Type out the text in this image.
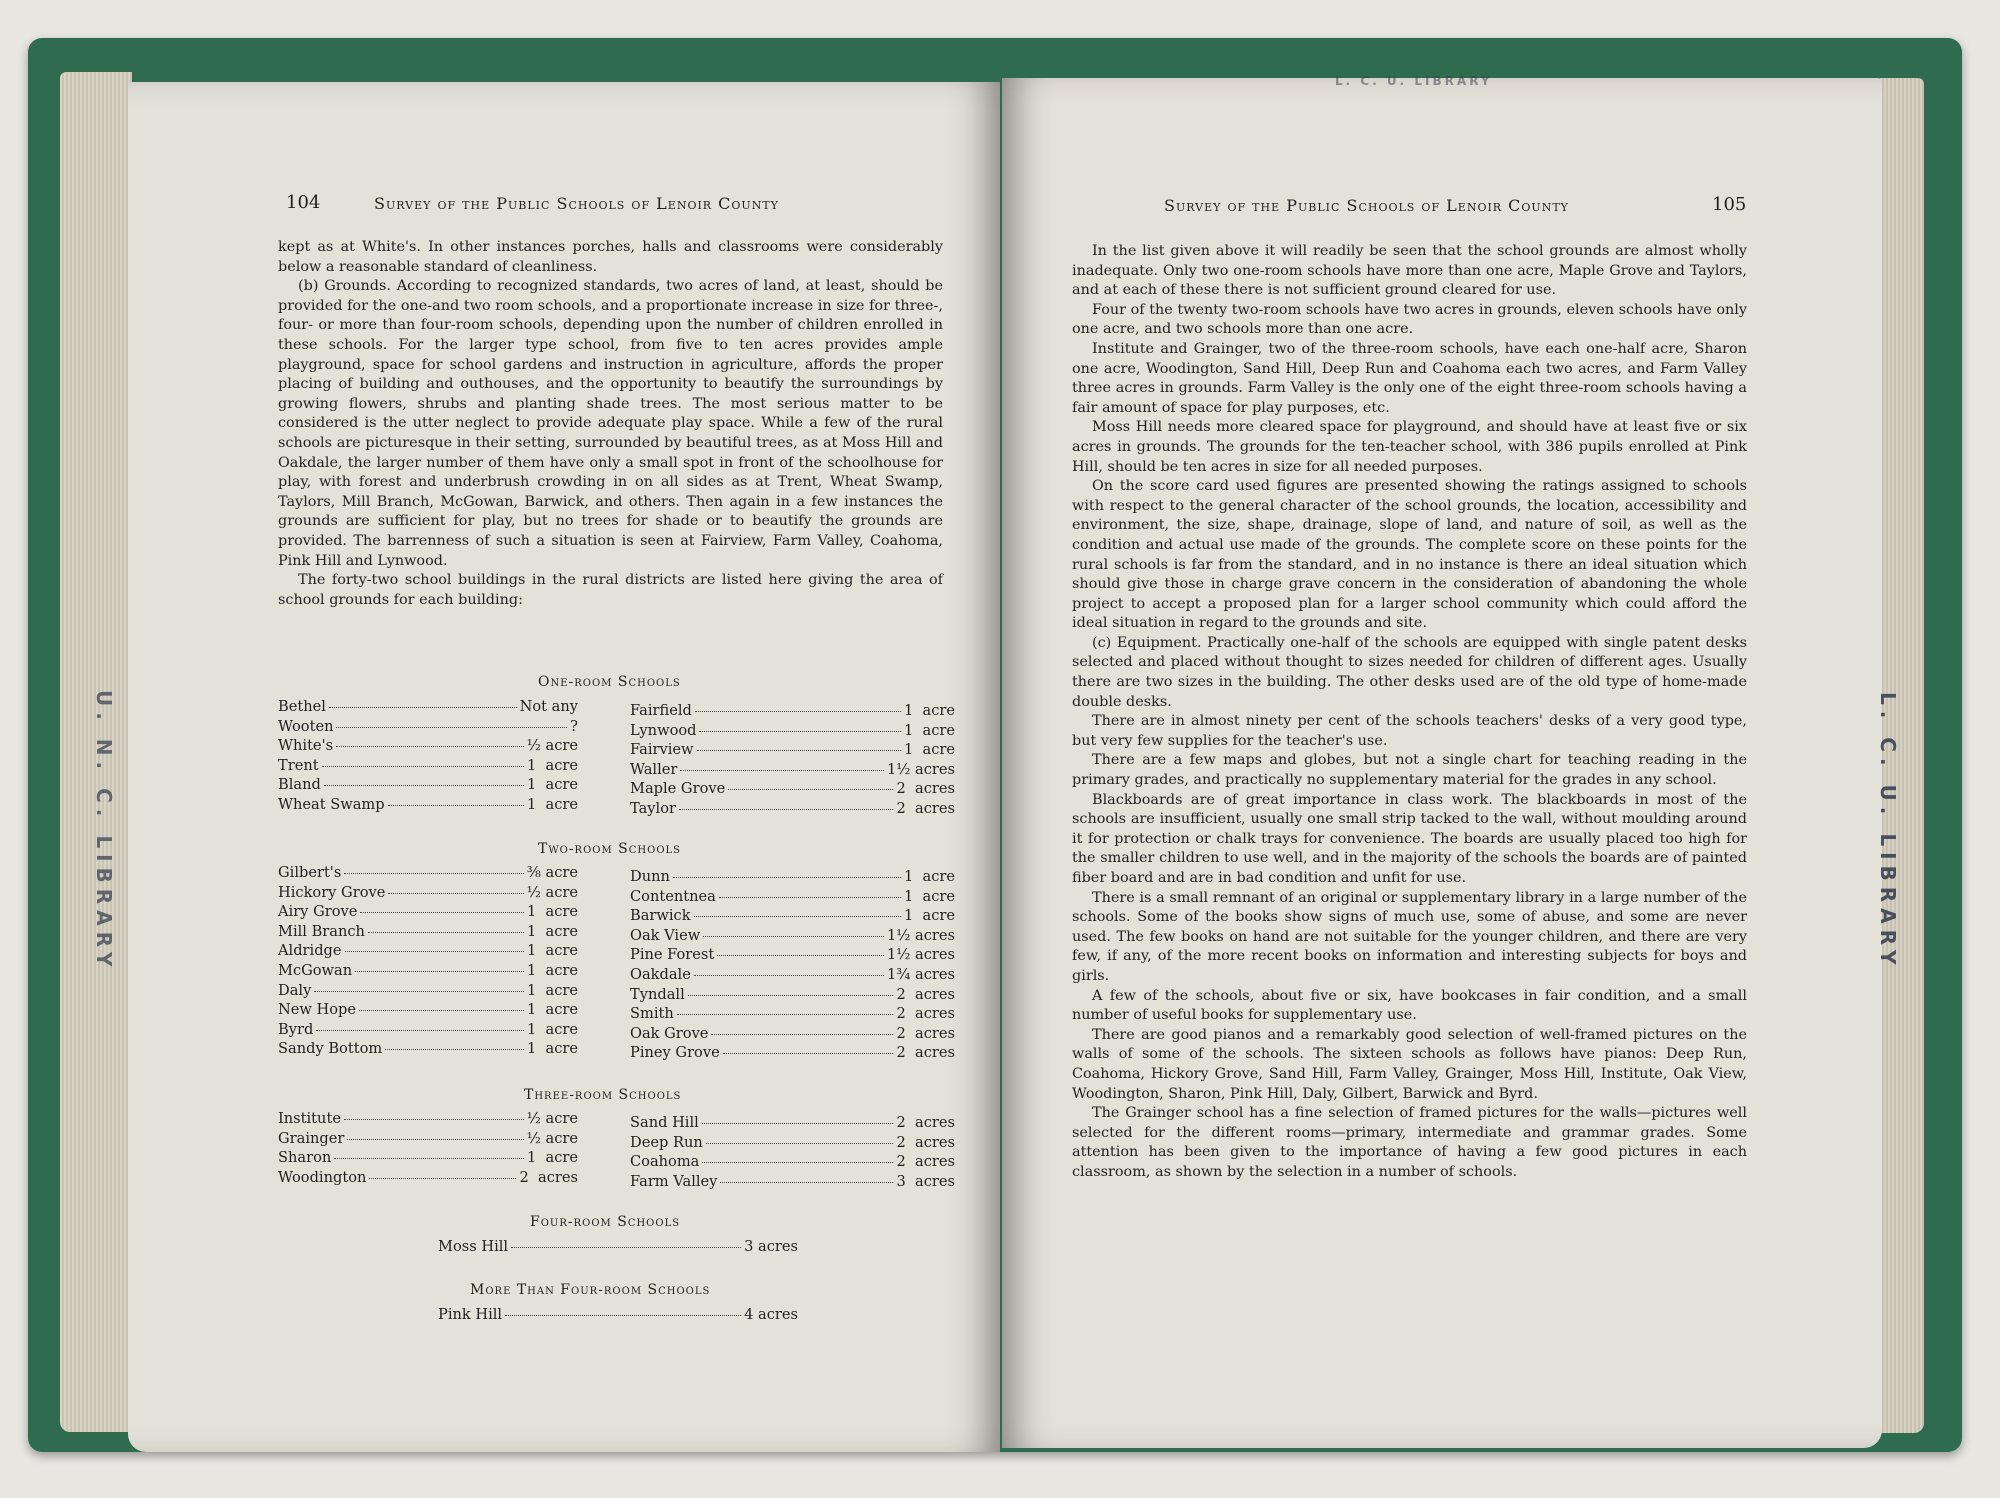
104	Survey of the Public Schools of Lenoir County

kept as at White's. In other instances porches, halls and classrooms were considerably below a reasonable standard of cleanliness.

(b) Grounds. According to recognized standards, two acres of land, at least, should be provided for the one-and two room schools, and a proportionate increase in size for three-, four- or more than four-room schools, depending upon the number of children enrolled in these schools. For the larger type school, from five to ten acres provides ample playground, space for school gardens and instruction in agriculture, affords the proper placing of building and outhouses, and the opportunity to beautify the surroundings by growing flowers, shrubs and planting shade trees. The most serious matter to be considered is the utter neglect to provide adequate play space. While a few of the rural schools are picturesque in their setting, surrounded by beautiful trees, as at Moss Hill and Oakdale, the larger number of them have only a small spot in front of the schoolhouse for play, with forest and underbrush crowding in on all sides as at Trent, Wheat Swamp, Taylors, Mill Branch, McGowan, Barwick, and others. Then again in a few instances the grounds are sufficient for play, but no trees for shade or to beautify the grounds are provided. The barrenness of such a situation is seen at Fairview, Farm Valley, Coahoma, Pink Hill and Lynwood.

The forty-two school buildings in the rural districts are listed here giving the area of school grounds for each building:

One-room Schools
Bethel	Not any
Wooten	?
White's	½ acre
Trent	1  acre
Bland	1  acre
Wheat Swamp	1  acre
Fairfield	1  acre
Lynwood	1  acre
Fairview	1  acre
Waller	1½ acres
Maple Grove	2  acres
Taylor	2  acres
Two-room Schools
Gilbert's	⅜ acre
Hickory Grove	½ acre
Airy Grove	1  acre
Mill Branch	1  acre
Aldridge	1  acre
McGowan	1  acre
Daly	1  acre
New Hope	1  acre
Byrd	1  acre
Sandy Bottom	1  acre
Dunn	1  acre
Contentnea	1  acre
Barwick	1  acre
Oak View	1½ acres
Pine Forest	1½ acres
Oakdale	1¾ acres
Tyndall	2  acres
Smith	2  acres
Oak Grove	2  acres
Piney Grove	2  acres
Three-room Schools
Institute	½ acre
Grainger	½ acre
Sharon	1  acre
Woodington	2  acres
Sand Hill	2  acres
Deep Run	2  acres
Coahoma	2  acres
Farm Valley	3  acres
Four-room Schools
Moss Hill	3 acres
More Than Four-room Schools
Pink Hill	4 acres
Survey of the Public Schools of Lenoir County	105

In the list given above it will readily be seen that the school grounds are almost wholly inadequate. Only two one-room schools have more than one acre, Maple Grove and Taylors, and at each of these there is not sufficient ground cleared for use.

Four of the twenty two-room schools have two acres in grounds, eleven schools have only one acre, and two schools more than one acre.

Institute and Grainger, two of the three-room schools, have each one-half acre, Sharon one acre, Woodington, Sand Hill, Deep Run and Coahoma each two acres, and Farm Valley three acres in grounds. Farm Valley is the only one of the eight three-room schools having a fair amount of space for play purposes, etc.

Moss Hill needs more cleared space for playground, and should have at least five or six acres in grounds. The grounds for the ten-teacher school, with 386 pupils enrolled at Pink Hill, should be ten acres in size for all needed purposes.

On the score card used figures are presented showing the ratings assigned to schools with respect to the general character of the school grounds, the location, accessibility and environment, the size, shape, drainage, slope of land, and nature of soil, as well as the condition and actual use made of the grounds. The complete score on these points for the rural schools is far from the standard, and in no instance is there an ideal situation which should give those in charge grave concern in the consideration of abandoning the whole project to accept a proposed plan for a larger school community which could afford the ideal situation in regard to the grounds and site.

(c) Equipment. Practically one-half of the schools are equipped with single patent desks selected and placed without thought to sizes needed for children of different ages. Usually there are two sizes in the building. The other desks used are of the old type of home-made double desks.

There are in almost ninety per cent of the schools teachers' desks of a very good type, but very few supplies for the teacher's use.

There are a few maps and globes, but not a single chart for teaching reading in the primary grades, and practically no supplementary material for the grades in any school.

Blackboards are of great importance in class work. The blackboards in most of the schools are insufficient, usually one small strip tacked to the wall, without moulding around it for protection or chalk trays for convenience. The boards are usually placed too high for the smaller children to use well, and in the majority of the schools the boards are of painted fiber board and are in bad condition and unfit for use.

There is a small remnant of an original or supplementary library in a large number of the schools. Some of the books show signs of much use, some of abuse, and some are never used. The few books on hand are not suitable for the younger children, and there are very few, if any, of the more recent books on information and interesting subjects for boys and girls.

A few of the schools, about five or six, have bookcases in fair condition, and a small number of useful books for supplementary use.

There are good pianos and a remarkably good selection of well-framed pictures on the walls of some of the schools. The sixteen schools as follows have pianos: Deep Run, Coahoma, Hickory Grove, Sand Hill, Farm Valley, Grainger, Moss Hill, Institute, Oak View, Woodington, Sharon, Pink Hill, Daly, Gilbert, Barwick and Byrd.

The Grainger school has a fine selection of framed pictures for the walls—pictures well selected for the different rooms—primary, intermediate and grammar grades. Some attention has been given to the importance of having a few good pictures in each classroom, as shown by the selection in a number of schools.

U. N. C. LIBRARY	L. C. U. LIBRARY
L. C. U. LIBRARY
